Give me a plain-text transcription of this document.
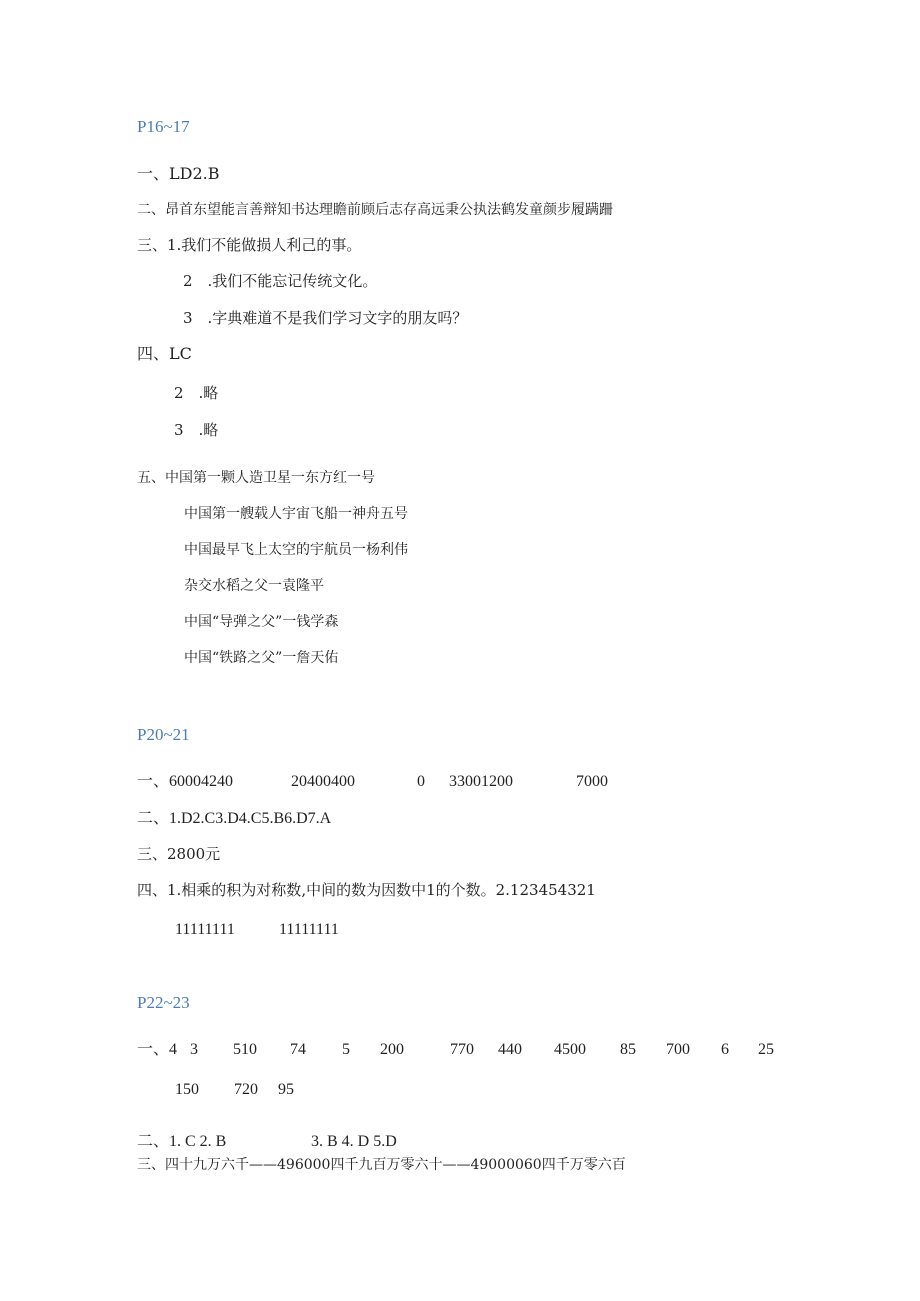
P16~17
一、LD2.B
二、昂首东望能言善辩知书达理瞻前顾后志存高远秉公执法鹤发童颜步履蹒跚
三、1.我们不能做损人利己的事。
2　.我们不能忘记传统文化。
3　.字典难道不是我们学习文字的朋友吗？
四、LC
2　.略
3　.略
五、中国第一颗人造卫星一东方红一号
中国第一艘载人宇宙飞船一神舟五号
中国最早飞上太空的宇航员一杨利伟
杂交水稻之父一袁隆平
中国“导弹之父”一钱学森
中国“铁路之父”一詹天佑
P20~21
一、60004240	20400400	0 33001200	7000
二、1.D2.C3.D4.C5.B6.D7.A
三、2800元
四、1.相乘的积为对称数,中间的数为因数中1的个数。2.123454321
11111111	11111111
P22~23
一、4 3 510 74 5 200	770 440 4500 85 700 6 25
150 720 95
二、1. C 2. B	3. B 4. D 5.D
三、四十九万六千——496000四千九百万零六十——49000060四千万零六百
